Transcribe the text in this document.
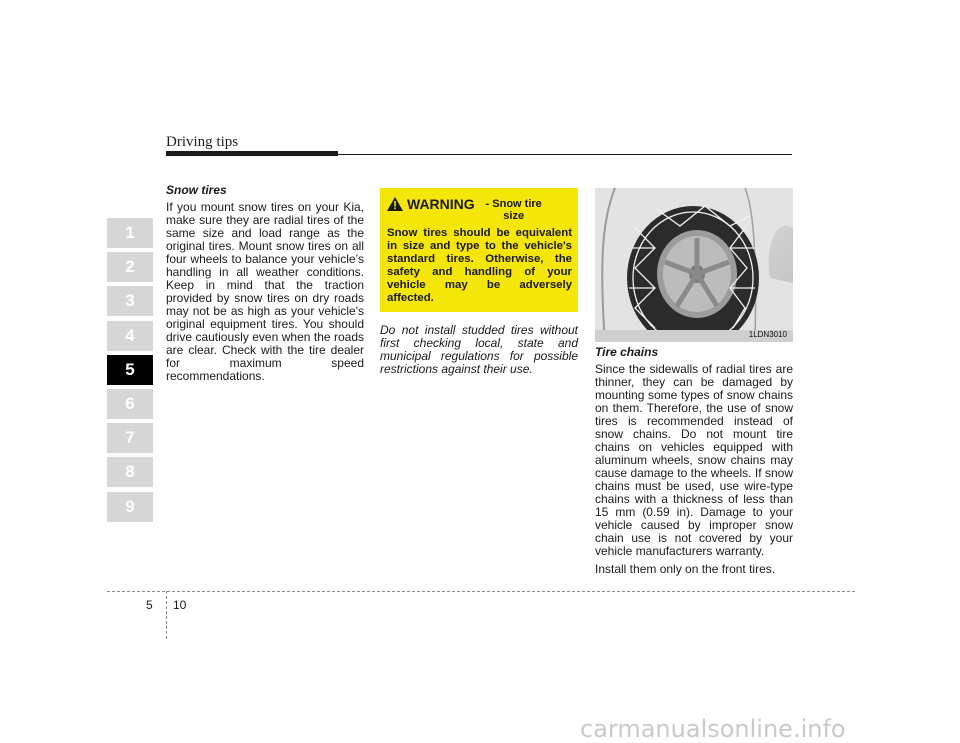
Driving tips
1
2
3
4
5
6
7
8
9
Snow tires
If you mount snow tires on your Kia, make sure they are radial tires of the same size and load range as the original tires. Mount snow tires on all four wheels to balance your vehicle’s handling in all weather conditions. Keep in mind that the traction provided by snow tires on dry roads may not be as high as your vehicle's original equipment tires. You should drive cautiously even when the roads are clear. Check with the tire dealer for maximum speed recommendations.
WARNING - Snow tire size
Snow tires should be equivalent in size and type to the vehicle's standard tires. Otherwise, the safety and handling of your vehicle may be adversely affected.
Do not install studded tires without first checking local, state and municipal regulations for possible restrictions against their use.
1LDN3010
Tire chains
Since the sidewalls of radial tires are thinner, they can be damaged by mounting some types of snow chains on them. Therefore, the use of snow tires is recommended instead of snow chains. Do not mount tire chains on vehicles equipped with aluminum wheels, snow chains may cause damage to the wheels. If snow chains must be used, use wire-type chains with a thickness of less than 15 mm (0.59 in). Damage to your vehicle caused by improper snow chain use is not covered by your vehicle manufacturers warranty.
Install them only on the front tires.
5 10
carmanualsonline.info
